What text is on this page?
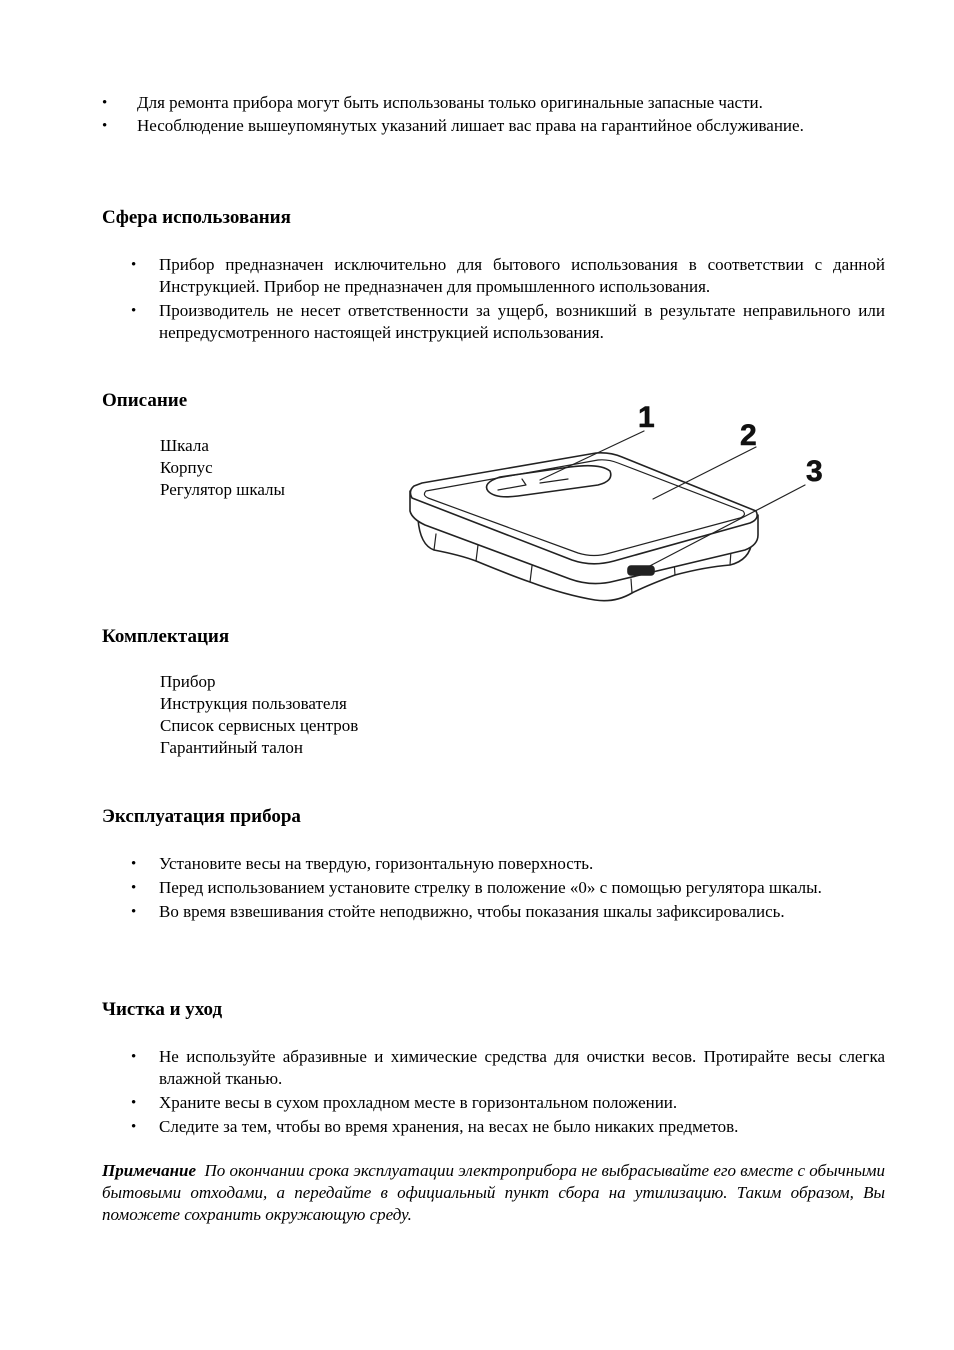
• Для ремонта прибора могут быть использованы только оригинальные запасные части.
• Несоблюдение вышеупомянутых указаний лишает вас права на гарантийное обслуживание.
Сфера использования
• Прибор предназначен исключительно для бытового использования в соответствии с данной Инструкцией. Прибор не предназначен для промышленного использования.
• Производитель не несет ответственности за ущерб, возникший в результате неправильного или непредусмотренного настоящей инструкцией использования.
Описание
Шкала
Корпус
Регулятор шкалы
1
2
3
Комплектация
Прибор
Инструкция пользователя
Список сервисных центров
Гарантийный талон
Эксплуатация прибора
• Установите весы на твердую, горизонтальную поверхность.
• Перед использованием установите стрелку в положение «0» с помощью регулятора шкалы.
• Во время взвешивания стойте неподвижно, чтобы показания шкалы зафиксировались.
Чистка и уход
• Не используйте абразивные и химические средства для очистки весов. Протирайте весы слегка влажной тканью.
• Храните весы в сухом прохладном месте в горизонтальном положении.
• Следите за тем, чтобы во время хранения, на весах не было никаких предметов.
Примечание По окончании срока эксплуатации электроприбора не выбрасывайте его вместе с обычными бытовыми отходами, а передайте в официальный пункт сбора на утилизацию. Таким образом, Вы поможете сохранить окружающую среду.
